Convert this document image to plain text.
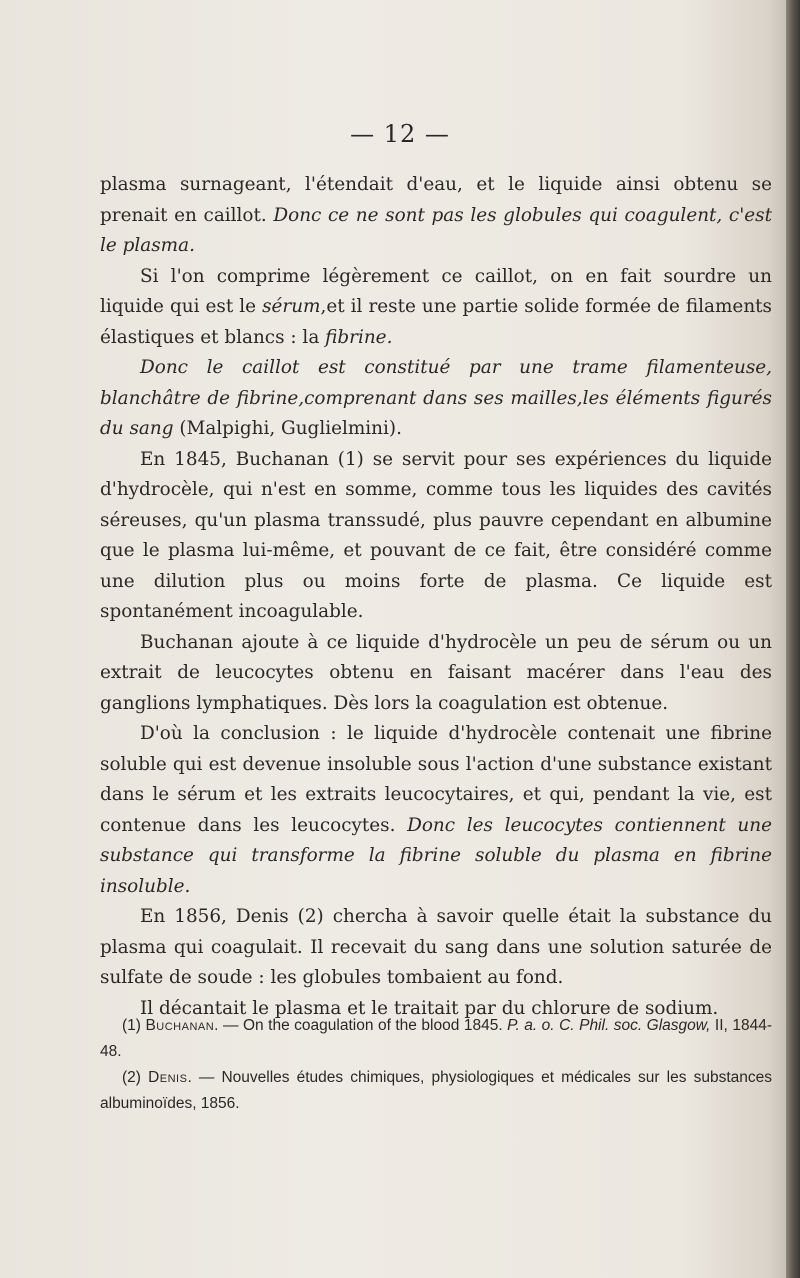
— 12 —

plasma surnageant, l'étendait d'eau, et le liquide ainsi obtenu se prenait en caillot. Donc ce ne sont pas les globules qui coagulent, c'est le plasma.

Si l'on comprime légèrement ce caillot, on en fait sourdre un liquide qui est le sérum,et il reste une partie solide formée de filaments élastiques et blancs : la fibrine.

Donc le caillot est constitué par une trame filamenteuse, blanchâtre de fibrine,comprenant dans ses mailles,les éléments figurés du sang (Malpighi, Guglielmini).

En 1845, Buchanan (1) se servit pour ses expériences du liquide d'hydrocèle, qui n'est en somme, comme tous les liquides des cavités séreuses, qu'un plasma transsudé, plus pauvre cependant en albumine que le plasma lui-même, et pouvant de ce fait, être considéré comme une dilution plus ou moins forte de plasma. Ce liquide est spontanément incoagulable.

Buchanan ajoute à ce liquide d'hydrocèle un peu de sérum ou un extrait de leucocytes obtenu en faisant macérer dans l'eau des ganglions lymphatiques. Dès lors la coagulation est obtenue.

D'où la conclusion : le liquide d'hydrocèle contenait une fibrine soluble qui est devenue insoluble sous l'action d'une substance existant dans le sérum et les extraits leucocytaires, et qui, pendant la vie, est contenue dans les leucocytes. Donc les leucocytes contiennent une substance qui transforme la fibrine soluble du plasma en fibrine insoluble.

En 1856, Denis (2) chercha à savoir quelle était la substance du plasma qui coagulait. Il recevait du sang dans une solution saturée de sulfate de soude : les globules tombaient au fond.

Il décantait le plasma et le traitait par du chlorure de sodium.

(1) Buchanan. — On the coagulation of the blood 1845. P. a. o. C. Phil. soc. Glasgow, II, 1844-48.

(2) Denis. — Nouvelles études chimiques, physiologiques et médicales sur les substances albuminoïdes, 1856.
